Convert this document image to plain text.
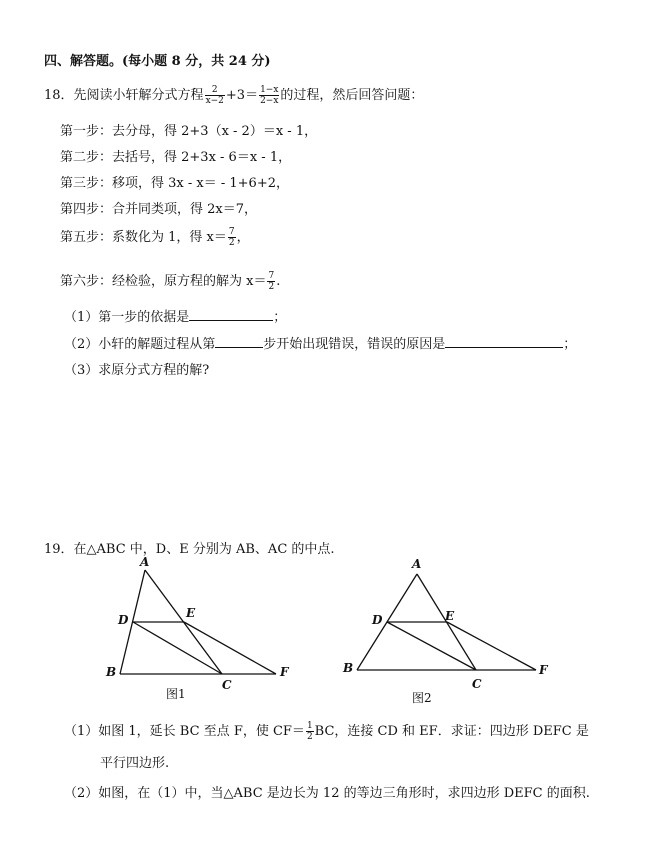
四、解答题。(每小题 8 分，共 24 分)
18．先阅读小轩解分式方程 $\frac{2}{x-2} +3= \frac{1-x}{2-x}$ 的过程，然后回答问题：
第一步：去分母，得 2+3（x - 2）＝x - 1，
第二步：去括号，得 2+3x - 6＝x - 1，
第三步：移项，得 3x - x＝ - 1+6+2，
第四步：合并同类项，得 2x＝7，
第五步：系数化为 1，得 $x= \frac{7}{2}$ ，
第六步：经检验，原方程的解为 $x= \frac{7}{2}$ .
（1）第一步的依据是	；
（2）小轩的解题过程从第	步开始出现错误，错误的原因是	；
（3）求原分式方程的解?
19．在△ABC 中，D、E 分别为 AB、AC 的中点.
A
D	E
B
C
F
图1
A
D	E
B
C
F
图2
（1）如图 1，延长 BC 至点 F，使 $CF= \frac{1}{2}$ BC，连接 CD 和 EF．求证：四边形 DEFC 是
平行四边形.
（2）如图，在（1）中，当△ABC 是边长为 12 的等边三角形时，求四边形 DEFC 的面积.
